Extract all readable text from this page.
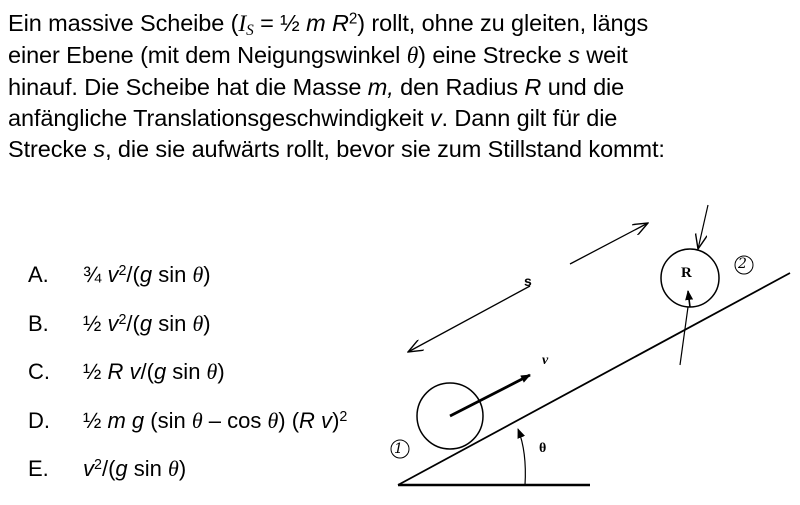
Ein massive Scheibe ($I_S$ = ½ m $R^2$) rollt, ohne zu gleiten, längs
einer Ebene (mit dem Neigungswinkel θ) eine Strecke s weit
hinauf. Die Scheibe hat die Masse m, den Radius R und die
anfängliche Translationsgeschwindigkeit v. Dann gilt für die
Strecke s, die sie aufwärts rollt, bevor sie zum Stillstand kommt:
A. ¾ $v^2/(g$ sin θ)
B. ½ $v^2/(g$ sin θ)
C. ½ R v/(g sin θ)
D. ½ m g (sin θ – cos θ) (R v)$^2$
E. $v^2/(g$ sin θ)
s
v
θ
R
1
2
